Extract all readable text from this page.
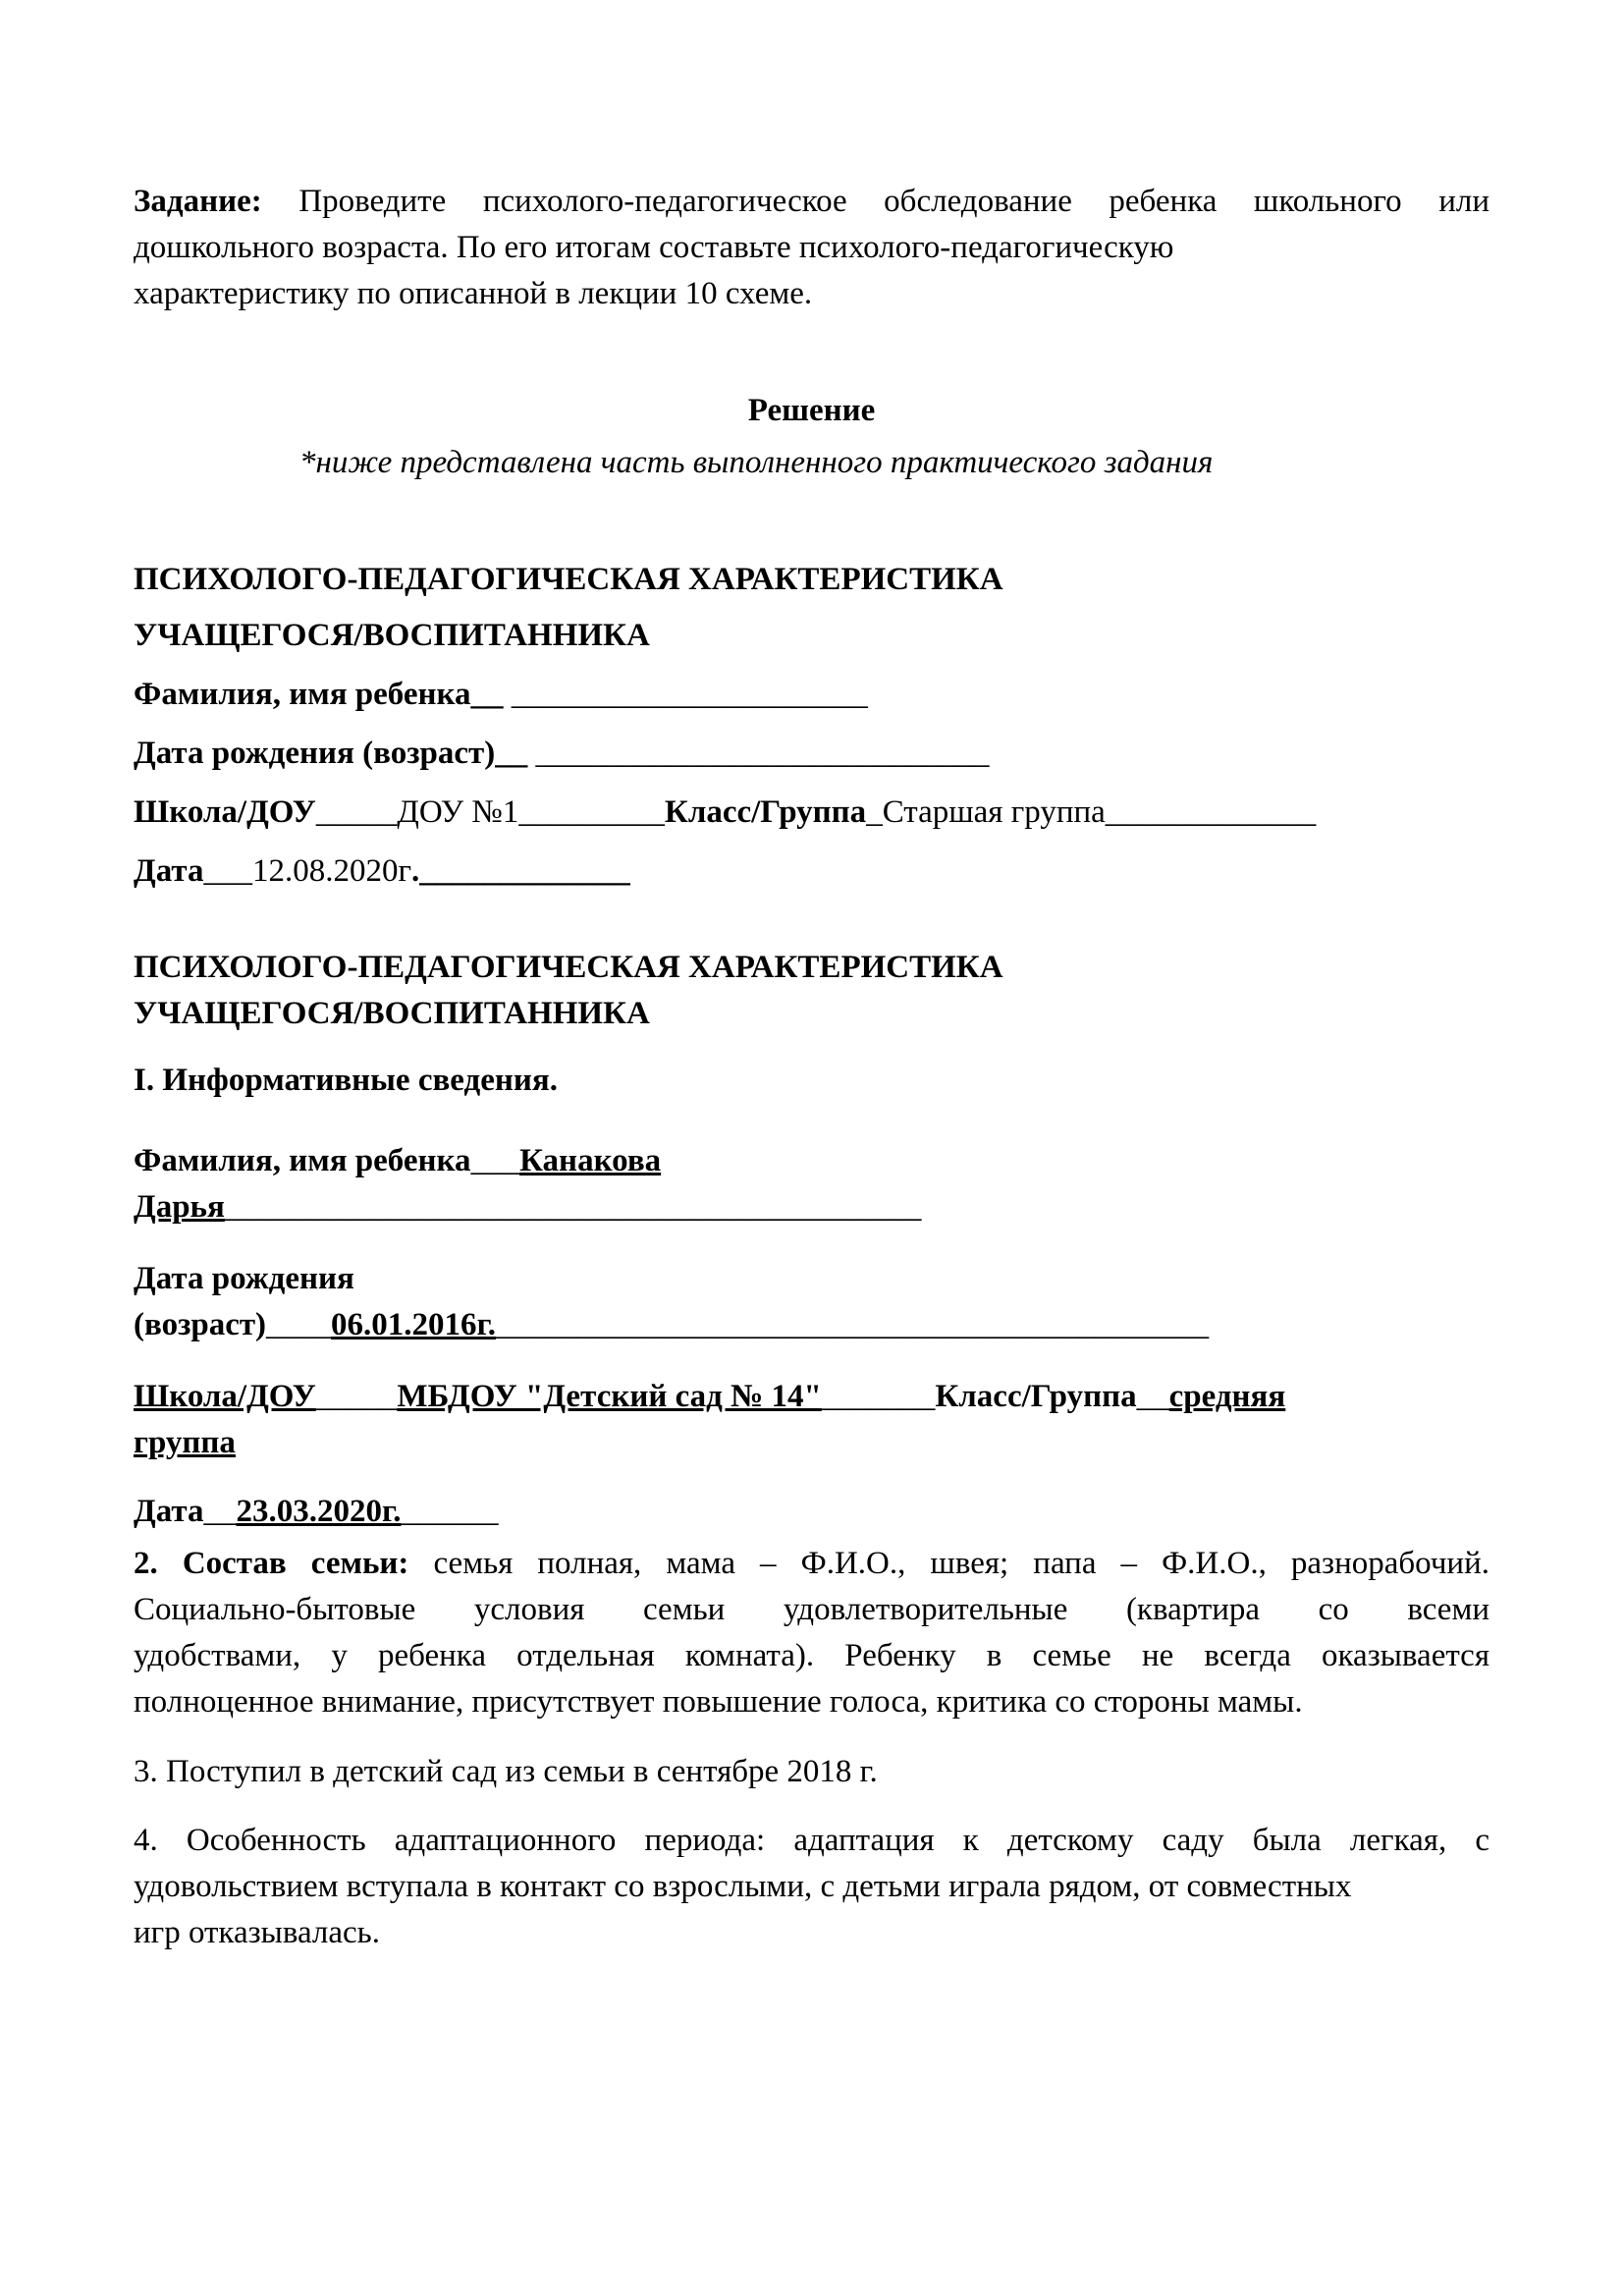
Задание: Проведите психолого-педагогическое обследование ребенка школьного или
дошкольного возраста. По его итогам составьте психолого-педагогическую
характеристику по описанной в лекции 10 схеме.
Решение
*ниже представлена часть выполненного практического задания
ПСИХОЛОГО-ПЕДАГОГИЧЕСКАЯ ХАРАКТЕРИСТИКА
УЧАЩЕГОСЯ/ВОСПИТАННИКА
Фамилия, имя ребенка__ ______________________
Дата рождения (возраст)__ ____________________________
Школа/ДОУ_____ДОУ №1_________Класс/Группа_Старшая группа_____________
Дата___12.08.2020г._____________
ПСИХОЛОГО-ПЕДАГОГИЧЕСКАЯ ХАРАКТЕРИСТИКА
УЧАЩЕГОСЯ/ВОСПИТАННИКА
I. Информативные сведения.
Фамилия, имя ребенка___Канакова
Дарья___________________________________________
Дата рождения
(возраст)____06.01.2016г.____________________________________________
Школа/ДОУ_____МБДОУ "Детский сад № 14"_______Класс/Группа__средняя
группа
Дата__23.03.2020г.______
2. Состав семьи: семья полная, мама – Ф.И.О., швея; папа – Ф.И.О., разнорабочий.
Социально-бытовые условия семьи удовлетворительные (квартира со всеми
удобствами, у ребенка отдельная комната). Ребенку в семье не всегда оказывается
полноценное внимание, присутствует повышение голоса, критика со стороны мамы.
3. Поступил в детский сад из семьи в сентябре 2018 г.
4. Особенность адаптационного периода: адаптация к детскому саду была легкая, с
удовольствием вступала в контакт со взрослыми, с детьми играла рядом, от совместных
игр отказывалась.
